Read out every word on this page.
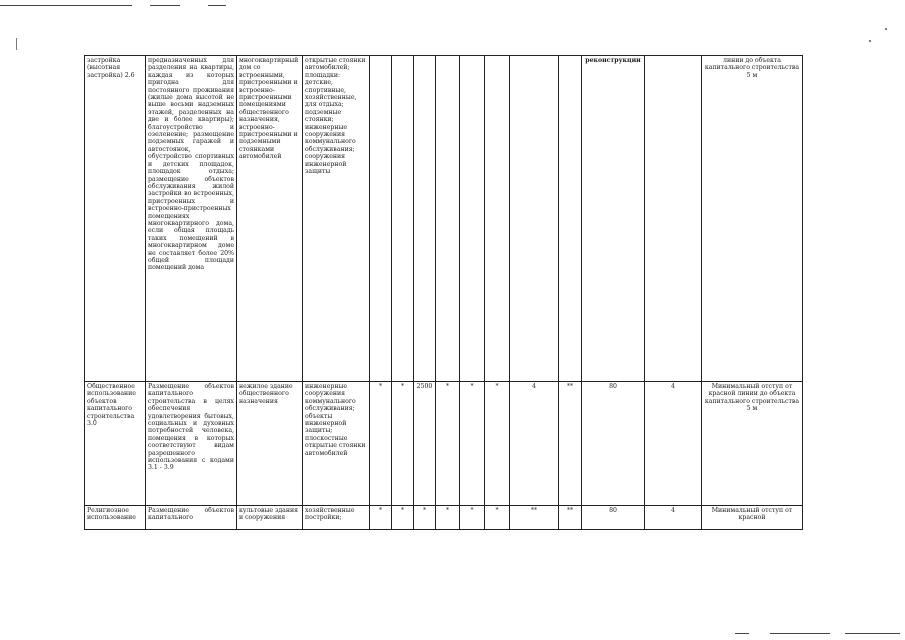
застройка (высотная застройка) 2.6	предназначенных для разделения на квартиры, каждая из которых пригодна для постоянного проживания (жилые дома высотой не выше восьми надземных этажей, разделенных на две и более квартиры); благоустройство и озеленение; размещение подземных гаражей и автостоянок, обустройство спортивных и детских площадок, площадок отдыха; размещение объектов обслуживания жилой застройки во встроенных, пристроенных и встроенно-пристроенных помещениях многоквартирного дома, если общая площадь таких помещений в многоквартирном доме не составляет более 20% общей площади помещений дома	многоквартирный дом со встроенными, пристроенными и встроенно-пристроенными помещениями общественного назначения, встроенно-пристроенными и подземными стоянками автомобилей	открытые стоянки автомобилей; площадки: детские, спортивные, хозяйственные, для отдыха; подземные стоянки; инженерные сооружения коммунального обслуживания; сооружения инженерной защиты									реконструкции		линии до объекта капитального строительства 5 м
Общественное использование объектов капитального строительства 3.0	Размещение объектов капитального строительства в целях обеспечения удовлетворения бытовых, социальных и духовных потребностей человека, помещения в которых соответствуют видам разрешенного использования с кодами 3.1 - 3.9	нежилое здание общественного назначения	инженерные сооружения коммунального обслуживания; объекты инженерной защиты; плоскостные открытые стоянки автомобилей	*	*	2500	*	*	*	4	**	80	4	Минимальный отступ от красной линии до объекта капитального строительства 5 м
Религиозное использование	Размещение объектов капитального	культовые здания и сооружения	хозяйственные постройки;	*	*	*	*	*	*	**	**	80	4	Минимальный отступ от красной
